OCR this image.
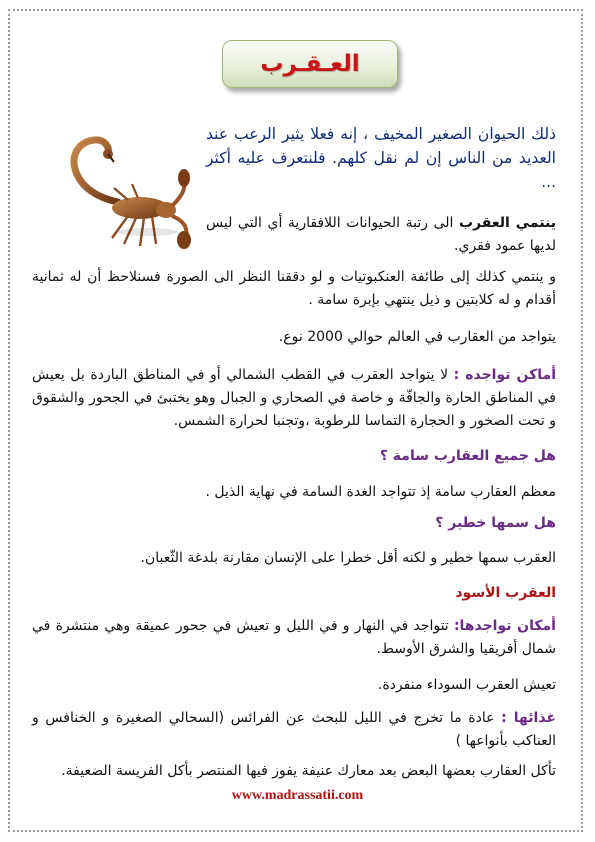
العـقـرب

ذلك الحيوان الصغير المخيف ، إنه فعلا يثير الرعب عند العديد من الناس إن لم نقل كلهم. فلنتعرف عليه أكثر ...

ينتمي العقرب الى رتبة الحيوانات اللافقارية أي التي ليس لديها عمود فقري.

و ينتمي كذلك إلى طائفة العنكبوتيات و لو دققنا النظر الى الصورة فسنلاحظ أن له ثمانية أقدام و له كلابتين و ذيل ينتهي بإبرة سامة .

يتواجد من العقارب في العالم حوالي 2000 نوع.

أماكن تواجده : لا يتواجد العقرب في القطب الشمالي أو في المناطق الباردة بل يعيش في المناطق الحارة والجافّة و خاصة في الصحاري و الجبال وهو يختبئ في الجحور والشقوق و تحت الصخور و الحجارة التماسا للرطوبة ،وتجنبا لحرارة الشمس.

هل جميع العقارب سامة ؟

معظم العقارب سامة إذ تتواجد الغدة السامة في نهاية الذيل .

هل سمها خطير ؟

العقرب سمها خطير و لكنه أقل خطرا على الإنسان مقارنة بلدغة الثّعبان.

العقرب الأسود

أمكان تواجدها: تتواجد في النهار و في الليل و تعيش في جحور عميقة وهي منتشرة في شمال أفريقيا والشرق الأوسط.

تعيش العقرب السوداء منفردة.

غذائها : عادة ما تخرج في الليل للبحث عن الفرائس (السحالي الصغيرة و الخنافس و العناكب بأنواعها )

تأكل العقارب بعضها البعض بعد معارك عنيفة يفوز فيها المنتصر بأكل الفريسة الضعيفة.

www.madrassatii.com
